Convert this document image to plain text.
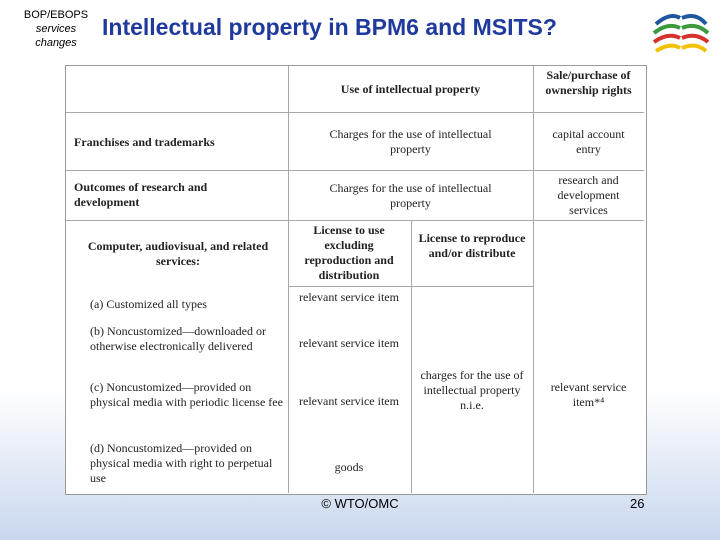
BOP/EBOPS
services
changes
Intellectual property in BPM6 and MSITS?
Use of intellectual property
Sale/purchase of ownership rights
Franchises and trademarks
Charges for the use of intellectual property
capital account entry
Outcomes of research and development
Charges for the use of intellectual property
research and development services
Computer, audiovisual, and related services:
License to use excluding reproduction and distribution
License to reproduce and/or distribute
(a) Customized all types
(b) Noncustomized—downloaded or otherwise electronically delivered
(c) Noncustomized—provided on physical media with periodic license fee
(d) Noncustomized—provided on physical media with right to perpetual use
relevant service item
relevant service item
relevant service item
goods
charges for the use of intellectual property n.i.e.
relevant service item*⁴
© WTO/OMC	26
